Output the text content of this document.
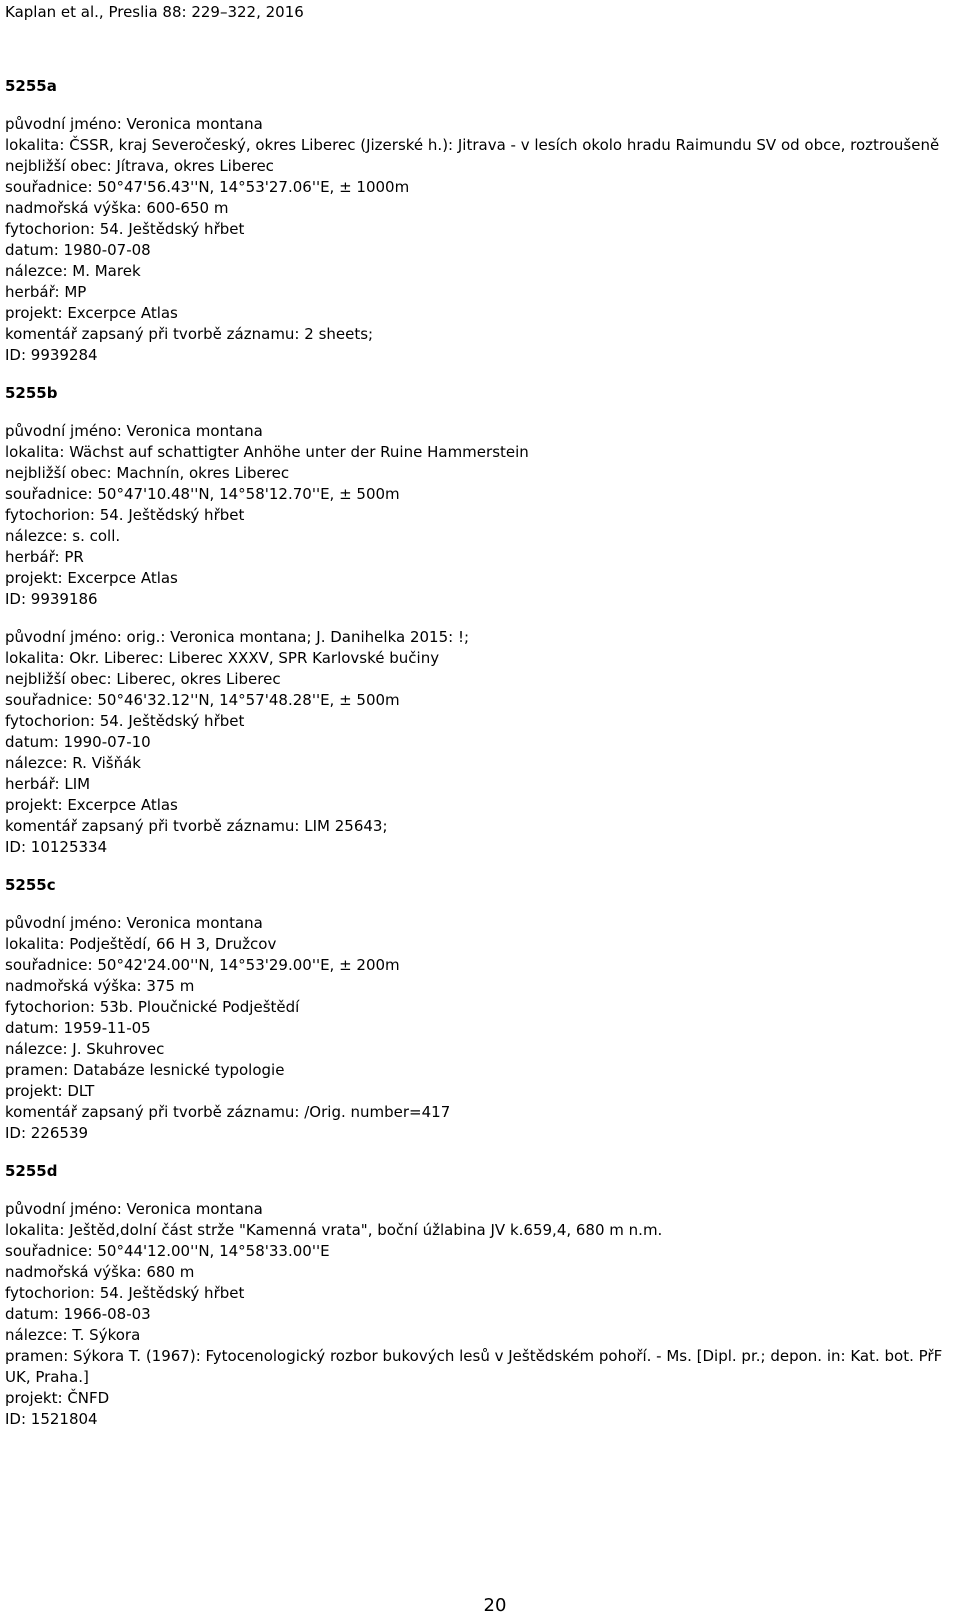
Kaplan et al., Preslia 88: 229–322, 2016
5255a
původní jméno: Veronica montana
lokalita: ČSSR, kraj Severočeský, okres Liberec (Jizerské h.): Jitrava - v lesích okolo hradu Raimundu SV od obce, roztroušeně
nejbližší obec: Jítrava, okres Liberec
souřadnice: 50°47'56.43''N, 14°53'27.06''E, ± 1000m
nadmořská výška: 600-650 m
fytochorion: 54. Ještědský hřbet
datum: 1980-07-08
nálezce: M. Marek
herbář: MP
projekt: Excerpce Atlas
komentář zapsaný při tvorbě záznamu: 2 sheets;
ID: 9939284
5255b
původní jméno: Veronica montana
lokalita: Wächst auf schattigter Anhöhe unter der Ruine Hammerstein
nejbližší obec: Machnín, okres Liberec
souřadnice: 50°47'10.48''N, 14°58'12.70''E, ± 500m
fytochorion: 54. Ještědský hřbet
nálezce: s. coll.
herbář: PR
projekt: Excerpce Atlas
ID: 9939186
původní jméno: orig.: Veronica montana; J. Danihelka 2015: !;
lokalita: Okr. Liberec: Liberec XXXV, SPR Karlovské bučiny
nejbližší obec: Liberec, okres Liberec
souřadnice: 50°46'32.12''N, 14°57'48.28''E, ± 500m
fytochorion: 54. Ještědský hřbet
datum: 1990-07-10
nálezce: R. Višňák
herbář: LIM
projekt: Excerpce Atlas
komentář zapsaný při tvorbě záznamu: LIM 25643;
ID: 10125334
5255c
původní jméno: Veronica montana
lokalita: Podještědí, 66 H 3, Družcov
souřadnice: 50°42'24.00''N, 14°53'29.00''E, ± 200m
nadmořská výška: 375 m
fytochorion: 53b. Ploučnické Podještědí
datum: 1959-11-05
nálezce: J. Skuhrovec
pramen: Databáze lesnické typologie
projekt: DLT
komentář zapsaný při tvorbě záznamu: /Orig. number=417
ID: 226539
5255d
původní jméno: Veronica montana
lokalita: Ještěd,dolní část strže "Kamenná vrata", boční úžlabina JV k.659,4, 680 m n.m.
souřadnice: 50°44'12.00''N, 14°58'33.00''E
nadmořská výška: 680 m
fytochorion: 54. Ještědský hřbet
datum: 1966-08-03
nálezce: T. Sýkora
pramen: Sýkora T. (1967): Fytocenologický rozbor bukových lesů v Ještědském pohoří. - Ms. [Dipl. pr.; depon. in: Kat. bot. PřF UK, Praha.]
projekt: ČNFD
ID: 1521804
20
